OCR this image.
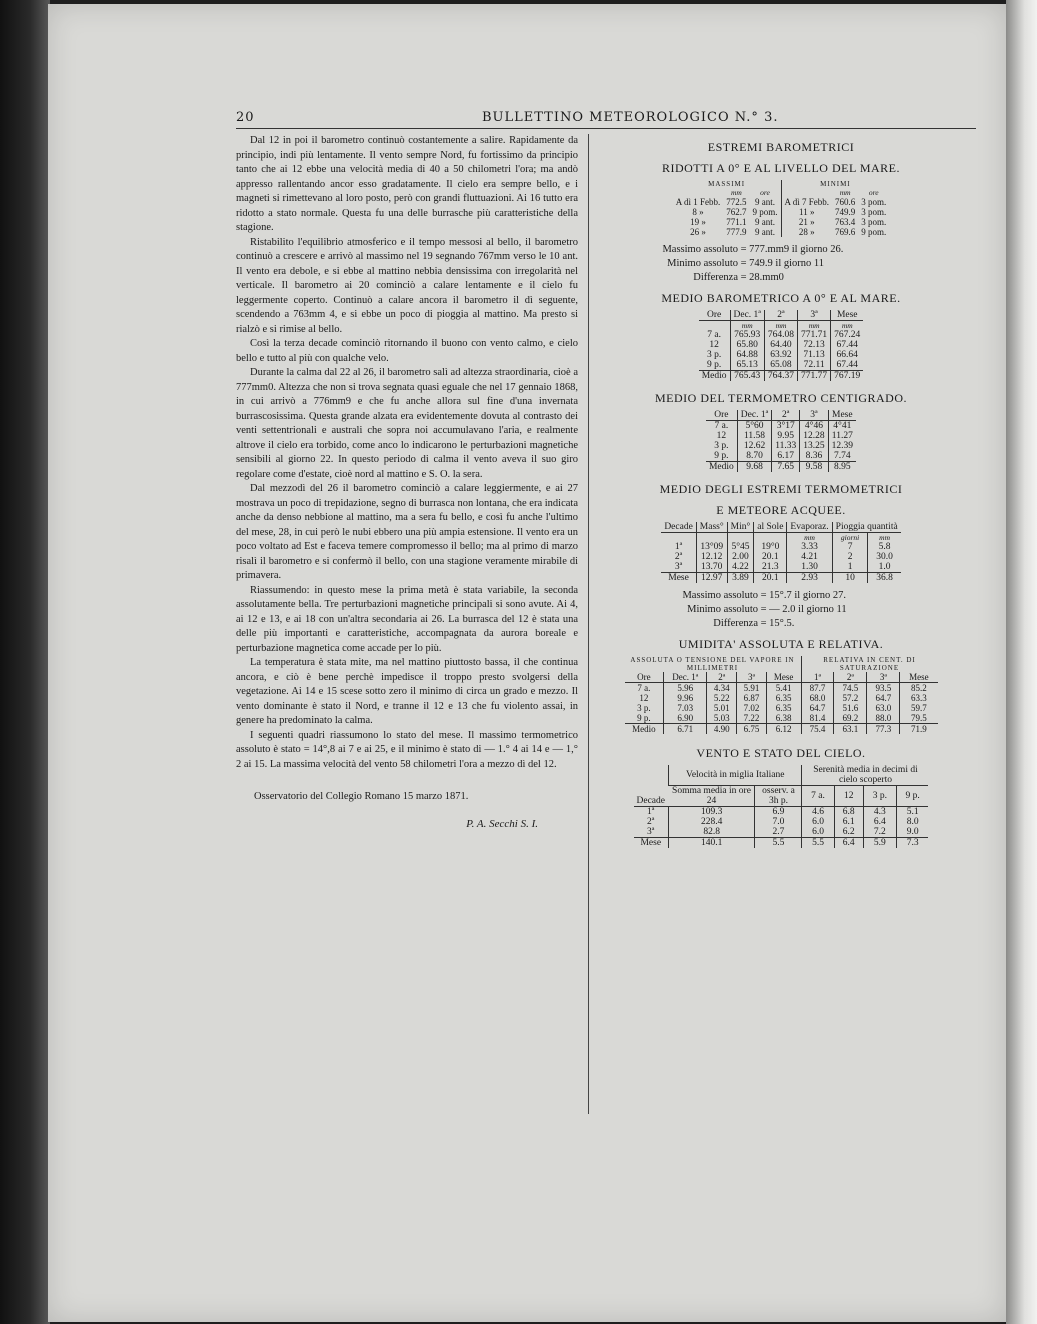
20	BULLETTINO METEOROLOGICO N.° 3.

Dal 12 in poi il barometro continuò costantemente a salire. Rapidamente da principio, indi più lentamente. Il vento sempre Nord, fu fortissimo da principio tanto che ai 12 ebbe una velocità media di 40 a 50 chilometri l'ora; ma andò appresso rallentando ancor esso gradatamente. Il cielo era sempre bello, e i magneti si rimettevano al loro posto, però con grandi fluttuazioni. Ai 16 tutto era ridotto a stato normale. Questa fu una delle burrasche più caratteristiche della stagione.

Ristabilito l'equilibrio atmosferico e il tempo messosi al bello, il barometro continuò a crescere e arrivò al massimo nel 19 segnando 767mm verso le 10 ant. Il vento era debole, e si ebbe al mattino nebbia densissima con irregolarità nel verticale. Il barometro ai 20 cominciò a calare lentamente e il cielo fu leggermente coperto. Continuò a calare ancora il barometro il dì seguente, scendendo a 763mm 4, e si ebbe un poco di pioggia al mattino. Ma presto si rialzò e si rimise al bello.

Così la terza decade cominciò ritornando il buono con vento calmo, e cielo bello e tutto al più con qualche velo.

Durante la calma dal 22 al 26, il barometro salì ad altezza straordinaria, cioè a 777mm0. Altezza che non si trova segnata quasi eguale che nel 17 gennaio 1868, in cui arrivò a 776mm9 e che fu anche allora sul fine d'una invernata burrascosissima. Questa grande alzata era evidentemente dovuta al contrasto dei venti settentrionali e australi che sopra noi accumulavano l'aria, e realmente altrove il cielo era torbido, come anco lo indicarono le perturbazioni magnetiche sensibili al giorno 22. In questo periodo di calma il vento aveva il suo giro regolare come d'estate, cioè nord al mattino e S. O. la sera.

Dal mezzodì del 26 il barometro cominciò a calare leggiermente, e ai 27 mostrava un poco di trepidazione, segno di burrasca non lontana, che era indicata anche da denso nebbione al mattino, ma a sera fu bello, e così fu anche l'ultimo del mese, 28, in cui però le nubi ebbero una più ampia estensione. Il vento era un poco voltato ad Est e faceva temere compromesso il bello; ma al primo di marzo risalì il barometro e si confermò il bello, con una stagione veramente mirabile di primavera.

Riassumendo: in questo mese la prima metà è stata variabile, la seconda assolutamente bella. Tre perturbazioni magnetiche principali si sono avute. Ai 4, ai 12 e 13, e ai 18 con un'altra secondaria ai 26. La burrasca del 12 è stata una delle più importanti e caratteristiche, accompagnata da aurora boreale e perturbazione magnetica come accade per lo più.

La temperatura è stata mite, ma nel mattino piuttosto bassa, il che continua ancora, e ciò è bene perchè impedisce il troppo presto svolgersi della vegetazione. Ai 14 e 15 scese sotto zero il minimo di circa un grado e mezzo. Il vento dominante è stato il Nord, e tranne il 12 e 13 che fu violento assai, in genere ha predominato la calma.

I seguenti quadri riassumono lo stato del mese. Il massimo termometrico assoluto è stato = 14°,8 ai 7 e ai 25, e il minimo è stato di — 1.° 4 ai 14 e — 1,° 2 ai 15. La massima velocità del vento 58 chilometri l'ora a mezzo dì del 12.

Osservatorio del Collegio Romano 15 marzo 1871.

P. A. Secchi S. I.
ESTREMI BAROMETRICI
RIDOTTI A 0° E AL LIVELLO DEL MARE.
MASSIMI			MINIMI		
	mm	ore		mm	ore
A dì 1 Febb.	772.5	9 ant.	A dì 7 Febb.	760.6	3 pom.
8 »	762.7	9 pom.	11 »	749.9	3 pom.
19 »	771.1	9 ant.	21 »	763.4	3 pom.
26 »	777.9	9 ant.	28 »	769.6	9 pom.
Massimo assoluto = 777.mm9 il giorno 26.
Minimo assoluto = 749.9 il giorno 11
Differenza = 28.mm0
MEDIO BAROMETRICO A 0° E AL MARE.
Ore	Dec. 1ª	2ª	3ª	Mese
	mm	mm	mm	mm
7 a.	765.93	764.08	771.71	767.24
12	65.80	64.40	72.13	67.44
3 p.	64.88	63.92	71.13	66.64
9 p.	65.13	65.08	72.11	67.44
Medio	765.43	764.37	771.77	767.19
MEDIO DEL TERMOMETRO CENTIGRADO.
Ore	Dec. 1ª	2ª	3ª	Mese
7 a.	5°60	3°17	4°46	4°41
12	11.58	9.95	12.28	11.27
3 p.	12.62	11.33	13.25	12.39
9 p.	8.70	6.17	8.36	7.74
Medio	9.68	7.65	9.58	8.95
MEDIO DEGLI ESTREMI TERMOMETRICI
E METEORE ACQUEE.
Decade	Mass°	Min°	al Sole	Evaporaz.	Pioggia quantità	
				mm	giorni	mm
1ª	13°09	5°45	19°0	3.33	7	5.8
2ª	12.12	2.00	20.1	4.21	2	30.0
3ª	13.70	4.22	21.3	1.30	1	1.0
Mese	12.97	3.89	20.1	2.93	10	36.8
Massimo assoluto = 15°.7 il giorno 27.
Minimo assoluto = — 2.0 il giorno 11
Differenza = 15°.5.
UMIDITA' ASSOLUTA E RELATIVA.
ASSOLUTA O TENSIONE DEL VAPORE IN MILLIMETRI					RELATIVA IN CENT. DI SATURAZIONE			
Ore	Dec. 1ª	2ª	3ª	Mese	1ª	2ª	3ª	Mese
7 a.	5.96	4.34	5.91	5.41	87.7	74.5	93.5	85.2
12	9.96	5.22	6.87	6.35	68.0	57.2	64.7	63.3
3 p.	7.03	5.01	7.02	6.35	64.7	51.6	63.0	59.7
9 p.	6.90	5.03	7.22	6.38	81.4	69.2	88.0	79.5
Medio	6.71	4.90	6.75	6.12	75.4	63.1	77.3	71.9
VENTO E STATO DEL CIELO.
Decade	Velocità in miglia Italiane		Serenità media in decimi di cielo scoperto			
	Somma media in ore 24	osserv. a 3h p.	7 a.	12	3 p.	9 p.

1ª	109.3	6.9	4.6	6.8	4.3	5.1
2ª	228.4	7.0	6.0	6.1	6.4	8.0
3ª	82.8	2.7	6.0	6.2	7.2	9.0
Mese	140.1	5.5	5.5	6.4	5.9	7.3
